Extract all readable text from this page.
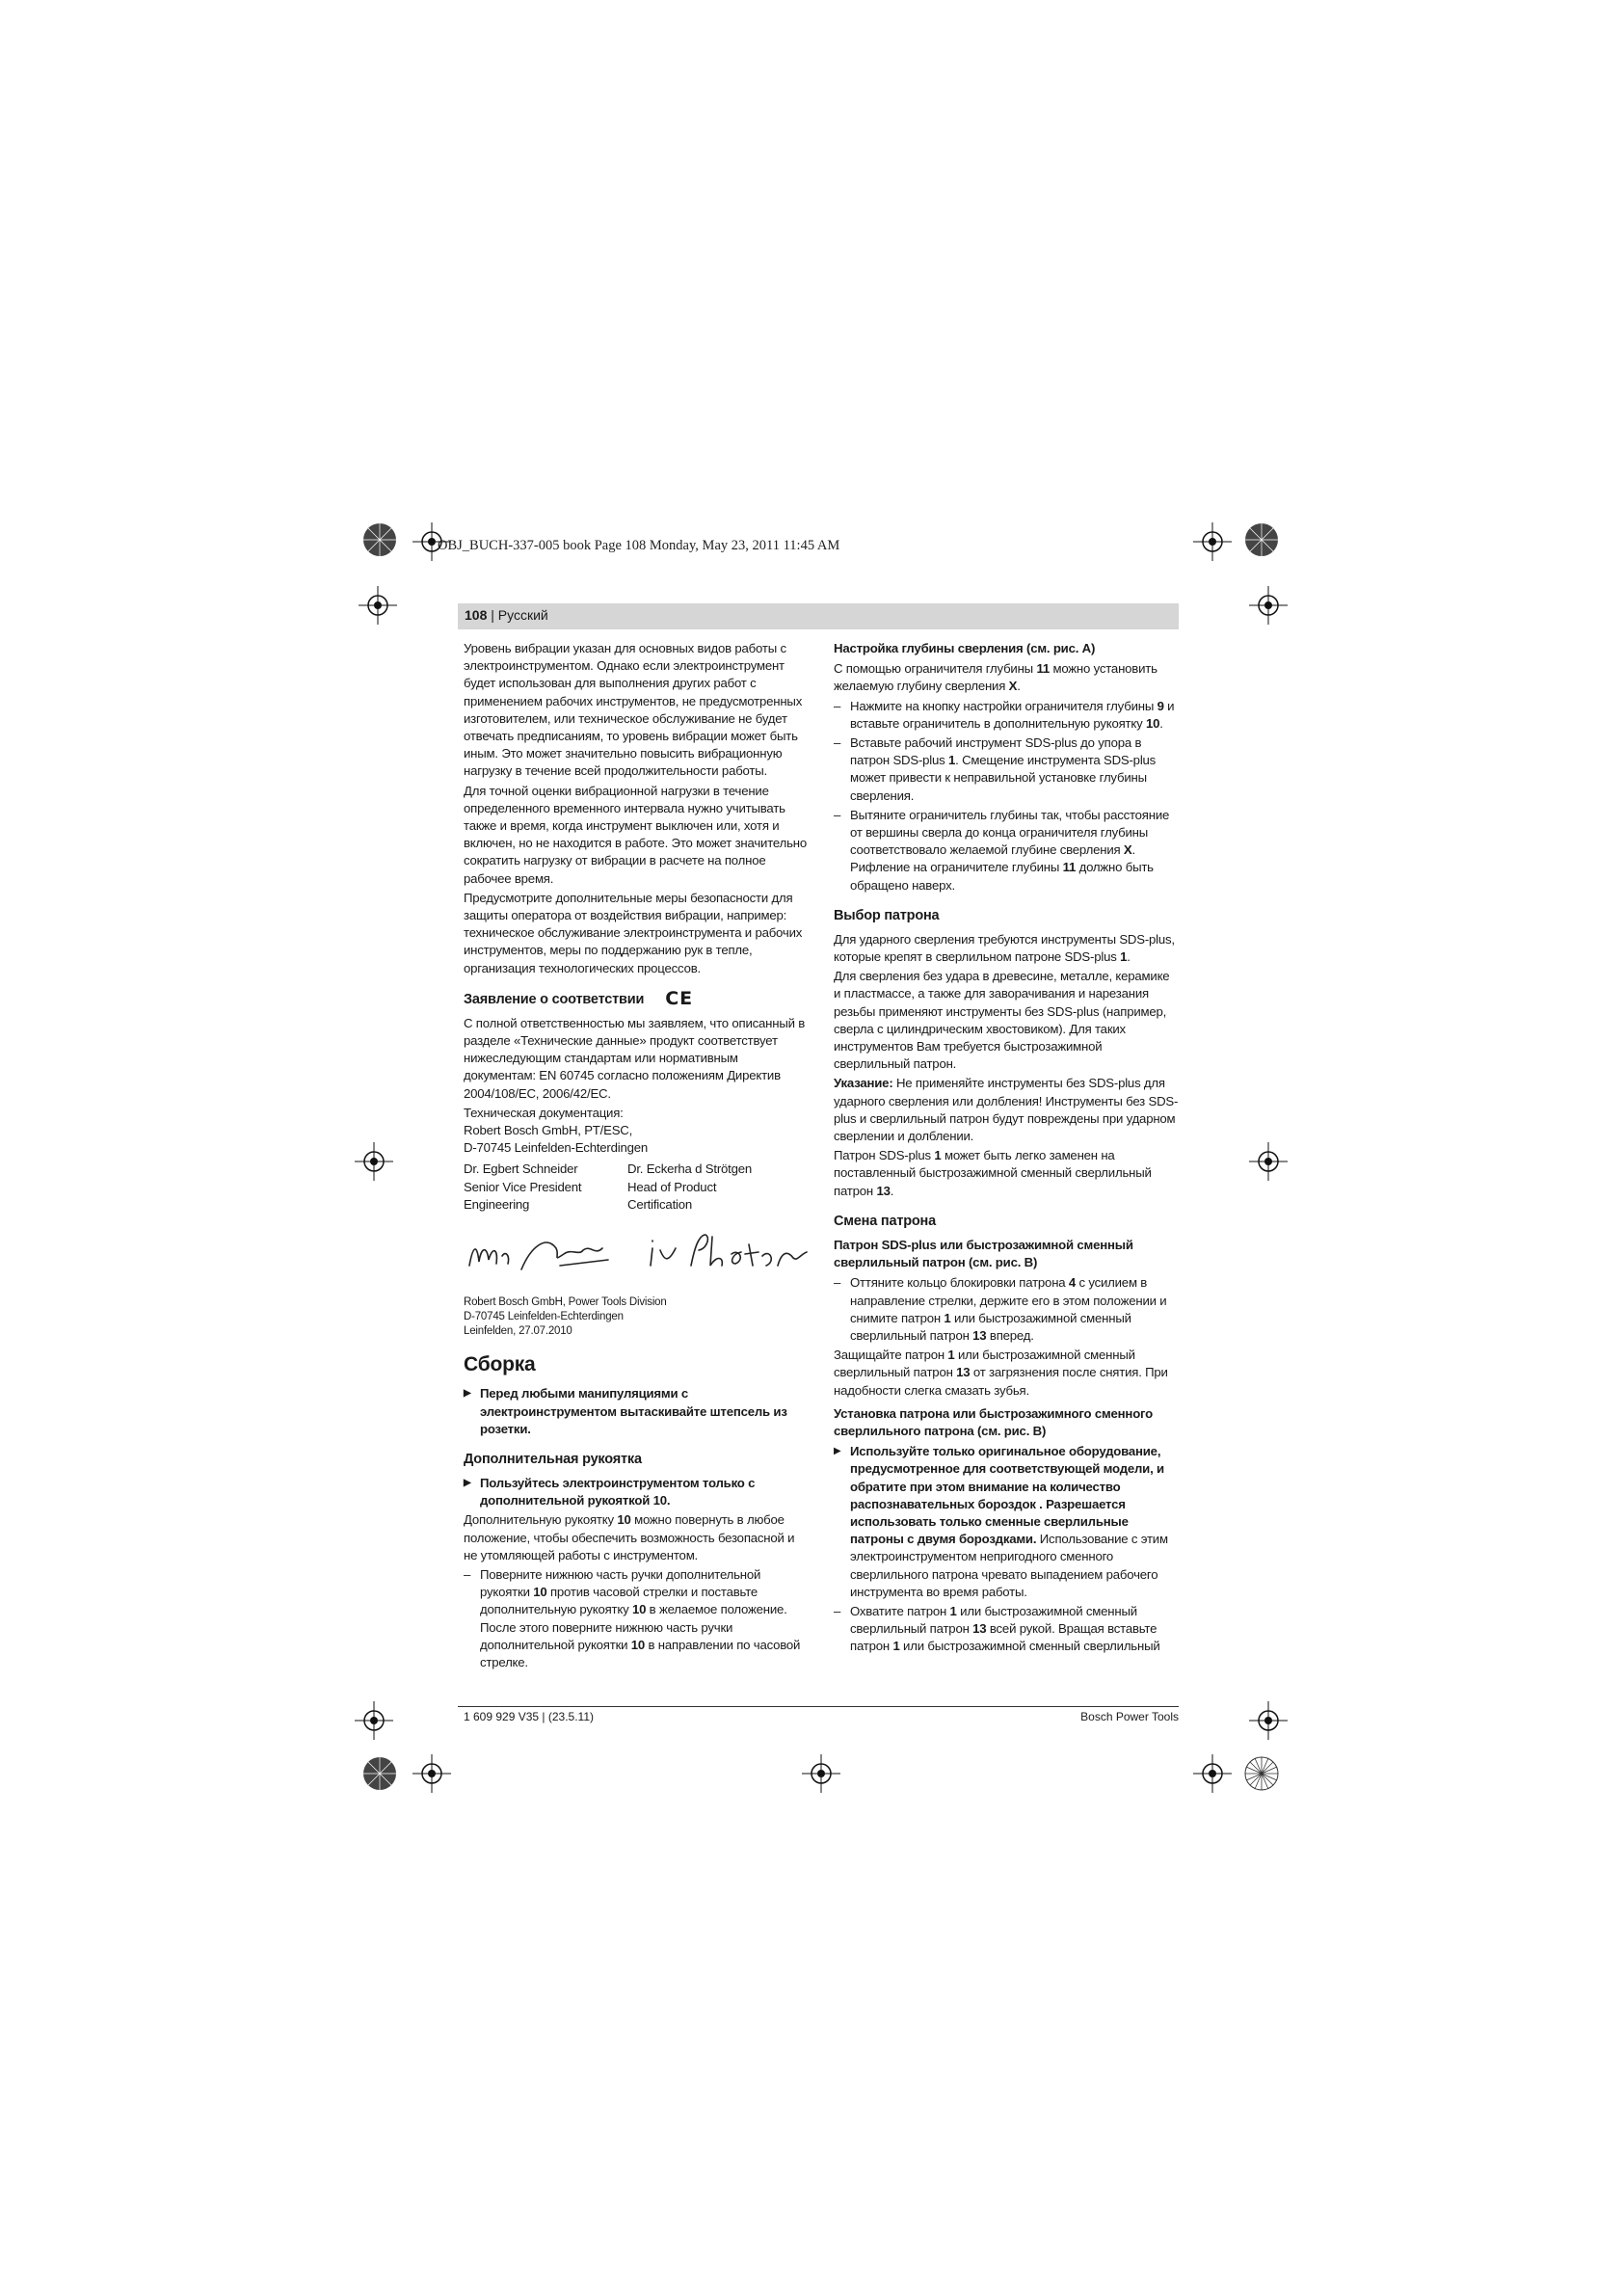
OBJ_BUCH-337-005 book Page 108 Monday, May 23, 2011 11:45 AM
108 | Русский

Уровень вибрации указан для основных видов работы с электроинструментом. Однако если электроинструмент будет использован для выполнения других работ с применением рабочих инструментов, не предусмотренных изготовителем, или техническое обслуживание не будет отвечать предписаниям, то уровень вибрации может быть иным. Это может значительно повысить вибрационную нагрузку в течение всей продолжительности работы.

Для точной оценки вибрационной нагрузки в течение определенного временного интервала нужно учитывать также и время, когда инструмент выключен или, хотя и включен, но не находится в работе. Это может значительно сократить нагрузку от вибрации в расчете на полное рабочее время.

Предусмотрите дополнительные меры безопасности для защиты оператора от воздействия вибрации, например: техническое обслуживание электроинструмента и рабочих инструментов, меры по поддержанию рук в тепле, организация технологических процессов.

Заявление о соответствии CE

С полной ответственностью мы заявляем, что описанный в разделе «Технические данные» продукт соответствует нижеследующим стандартам или нормативным документам: EN 60745 согласно положениям Директив 2004/108/EC, 2006/42/EC.

Техническая документация:
Robert Bosch GmbH, PT/ESC,
D-70745 Leinfelden-Echterdingen
Dr. Egbert Schneider
Senior Vice President
Engineering
Dr. Eckerha d Strötgen
Head of Product
Certification
Robert Bosch GmbH, Power Tools Division
D-70745 Leinfelden-Echterdingen
Leinfelden, 27.07.2010
Сборка

▶ Перед любыми манипуляциями с электроинструментом вытаскивайте штепсель из розетки.

Дополнительная рукоятка

▶ Пользуйтесь электроинструментом только с дополнительной рукояткой 10.

Дополнительную рукоятку 10 можно повернуть в любое положение, чтобы обеспечить возможность безопасной и не утомляющей работы с инструментом.

– Поверните нижнюю часть ручки дополнительной рукоятки 10 против часовой стрелки и поставьте дополнительную рукоятку 10 в желаемое положение. После этого поверните нижнюю часть ручки дополнительной рукоятки 10 в направлении по часовой стрелке.

Настройка глубины сверления (см. рис. A)

С помощью ограничителя глубины 11 можно установить желаемую глубину сверления X.

– Нажмите на кнопку настройки ограничителя глубины 9 и вставьте ограничитель в дополнительную рукоятку 10.

– Вставьте рабочий инструмент SDS-plus до упора в патрон SDS-plus 1. Смещение инструмента SDS-plus может привести к неправильной установке глубины сверления.

– Вытяните ограничитель глубины так, чтобы расстояние от вершины сверла до конца ограничителя глубины соответствовало желаемой глубине сверления X. Рифление на ограничителе глубины 11 должно быть обращено наверх.

Выбор патрона

Для ударного сверления требуются инструменты SDS-plus, которые крепят в сверлильном патроне SDS-plus 1.

Для сверления без удара в древесине, металле, керамике и пластмассе, а также для заворачивания и нарезания резьбы применяют инструменты без SDS-plus (например, сверла с цилиндрическим хвостовиком). Для таких инструментов Вам требуется быстрозажимной сверлильный патрон.

Указание: Не применяйте инструменты без SDS-plus для ударного сверления или долбления! Инструменты без SDS-plus и сверлильный патрон будут повреждены при ударном сверлении и долблении.

Патрон SDS-plus 1 может быть легко заменен на поставленный быстрозажимной сменный сверлильный патрон 13.

Смена патрона
Патрон SDS-plus или быстрозажимной сменный сверлильный патрон (см. рис. B)

– Оттяните кольцо блокировки патрона 4 с усилием в направление стрелки, держите его в этом положении и снимите патрон 1 или быстрозажимной сменный сверлильный патрон 13 вперед.

Защищайте патрон 1 или быстрозажимной сменный сверлильный патрон 13 от загрязнения после снятия. При надобности слегка смазать зубья.

Установка патрона или быстрозажимного сменного сверлильного патрона (см. рис. B)

▶ Используйте только оригинальное оборудование, предусмотренное для соответствующей модели, и обратите при этом внимание на количество распознавательных бороздок . Разрешается использовать только сменные сверлильные патроны с двумя бороздками. Использование с этим электроинструментом непригодного сменного сверлильного патрона чревато выпадением рабочего инструмента во время работы.

– Охватите патрон 1 или быстрозажимной сменный сверлильный патрон 13 всей рукой. Вращая вставьте патрон 1 или быстрозажимной сменный сверлильный

1 609 929 V35 | (23.5.11)	Bosch Power Tools
